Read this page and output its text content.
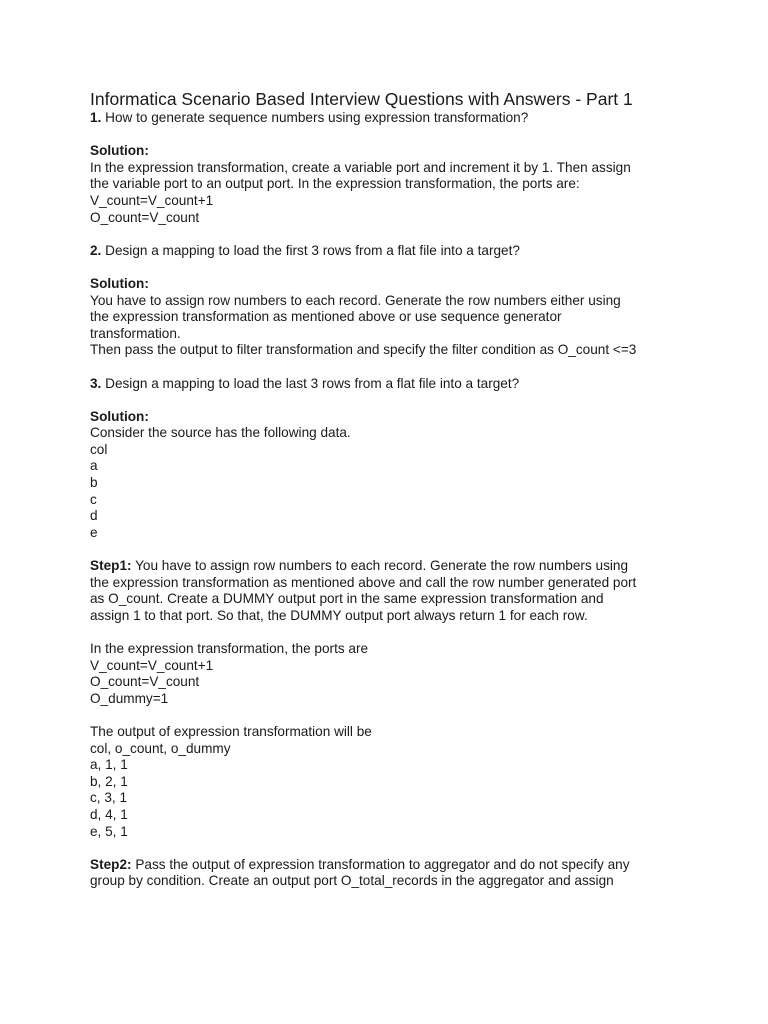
Informatica Scenario Based Interview Questions with Answers - Part 1
1. How to generate sequence numbers using expression transformation?
Solution:
In the expression transformation, create a variable port and increment it by 1. Then assign
the variable port to an output port. In the expression transformation, the ports are:
V_count=V_count+1
O_count=V_count
2. Design a mapping to load the first 3 rows from a flat file into a target?
Solution:
You have to assign row numbers to each record. Generate the row numbers either using
the expression transformation as mentioned above or use sequence generator
transformation.
Then pass the output to filter transformation and specify the filter condition as O_count <=3
3. Design a mapping to load the last 3 rows from a flat file into a target?
Solution:
Consider the source has the following data.
col
a
b
c
d
e
Step1: You have to assign row numbers to each record. Generate the row numbers using
the expression transformation as mentioned above and call the row number generated port
as O_count. Create a DUMMY output port in the same expression transformation and
assign 1 to that port. So that, the DUMMY output port always return 1 for each row.
In the expression transformation, the ports are
V_count=V_count+1
O_count=V_count
O_dummy=1
The output of expression transformation will be
col, o_count, o_dummy
a, 1, 1
b, 2, 1
c, 3, 1
d, 4, 1
e, 5, 1
Step2: Pass the output of expression transformation to aggregator and do not specify any
group by condition. Create an output port O_total_records in the aggregator and assign
